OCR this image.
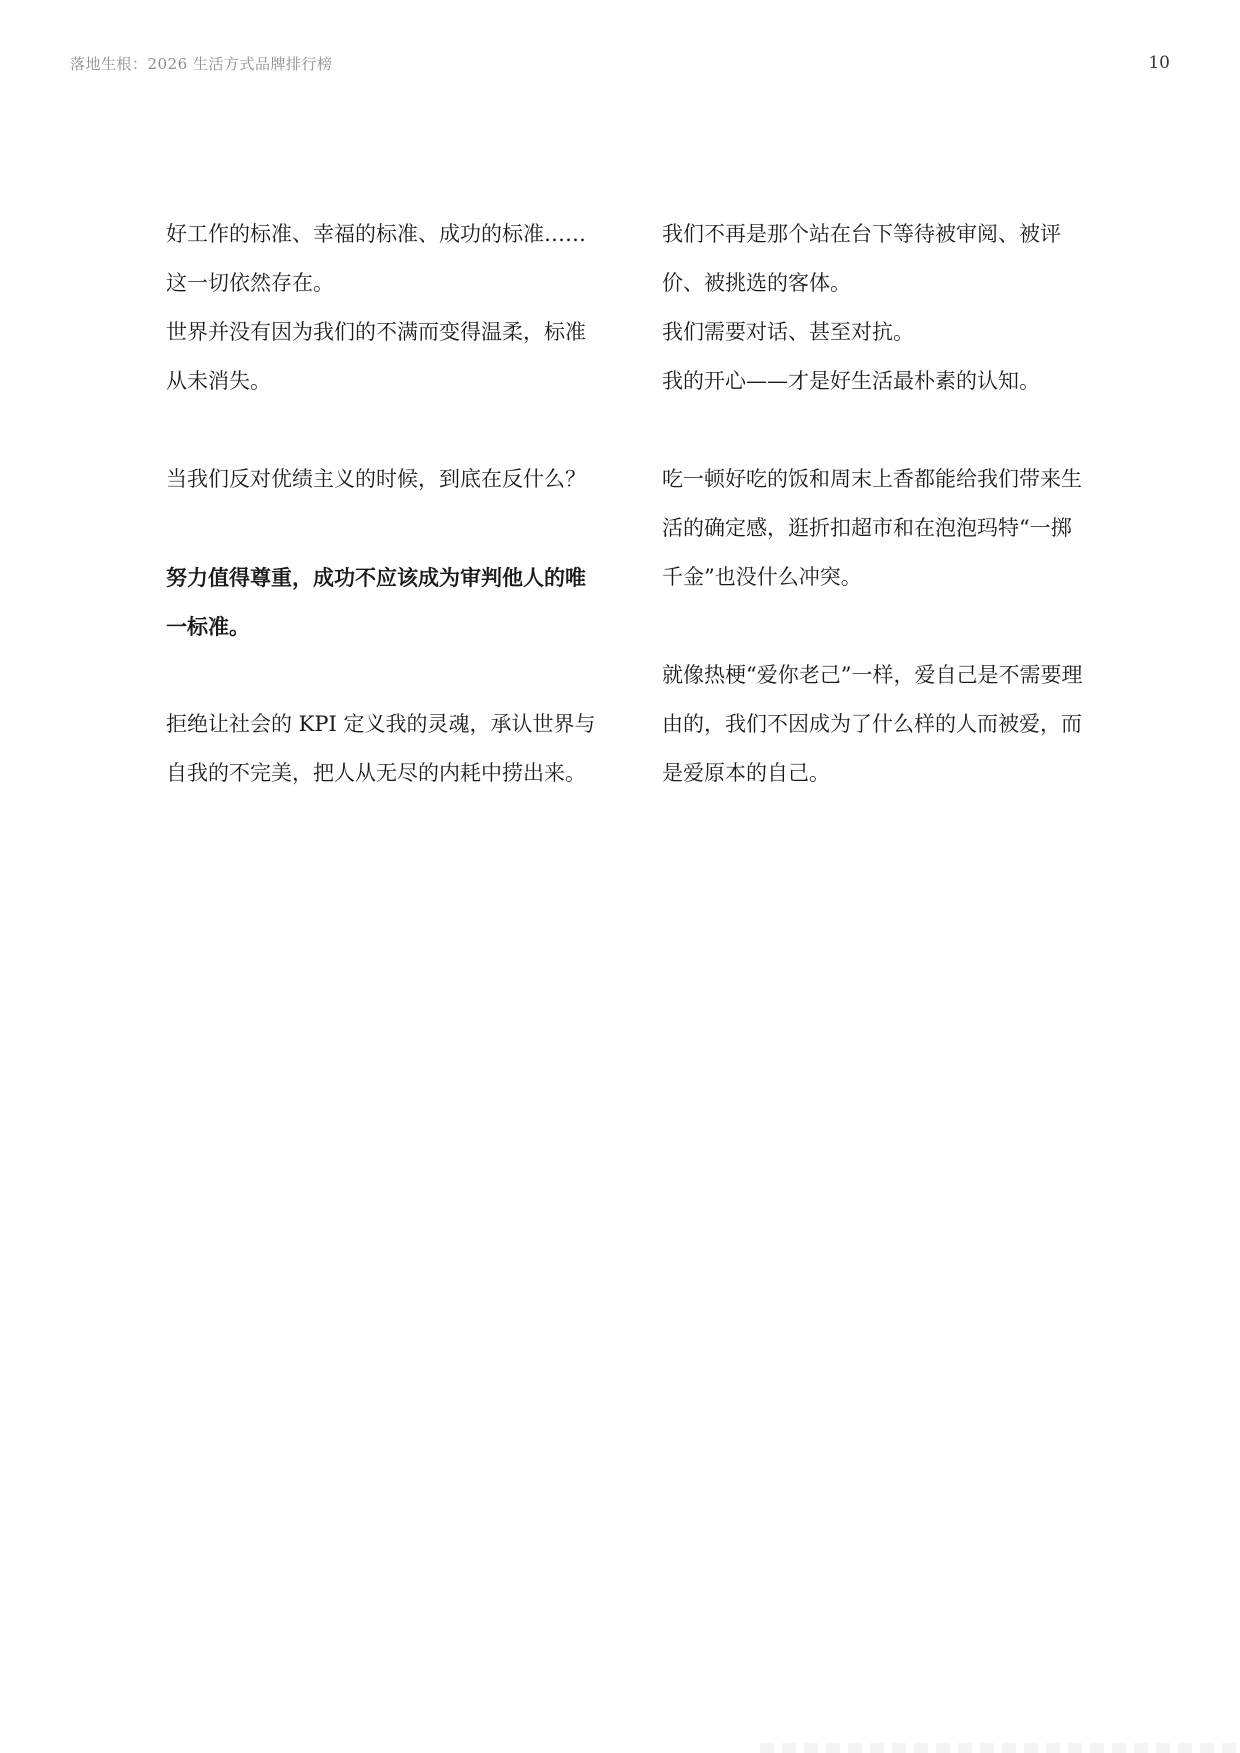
落地生根：2026 生活方式品牌排行榜	10

好工作的标准、幸福的标准、成功的标准……这一切依然存在。
世界并没有因为我们的不满而变得温柔，标准从未消失。

当我们反对优绩主义的时候，到底在反什么？

努力值得尊重，成功不应该成为审判他人的唯一标准。

拒绝让社会的 KPI 定义我的灵魂，承认世界与自我的不完美，把人从无尽的内耗中捞出来。

我们不再是那个站在台下等待被审阅、被评价、被挑选的客体。
我们需要对话、甚至对抗。
我的开心——才是好生活最朴素的认知。

吃一顿好吃的饭和周末上香都能给我们带来生活的确定感，逛折扣超市和在泡泡玛特“一掷千金”也没什么冲突。

就像热梗“爱你老己”一样，爱自己是不需要理由的，我们不因成为了什么样的人而被爱，而是爱原本的自己。
